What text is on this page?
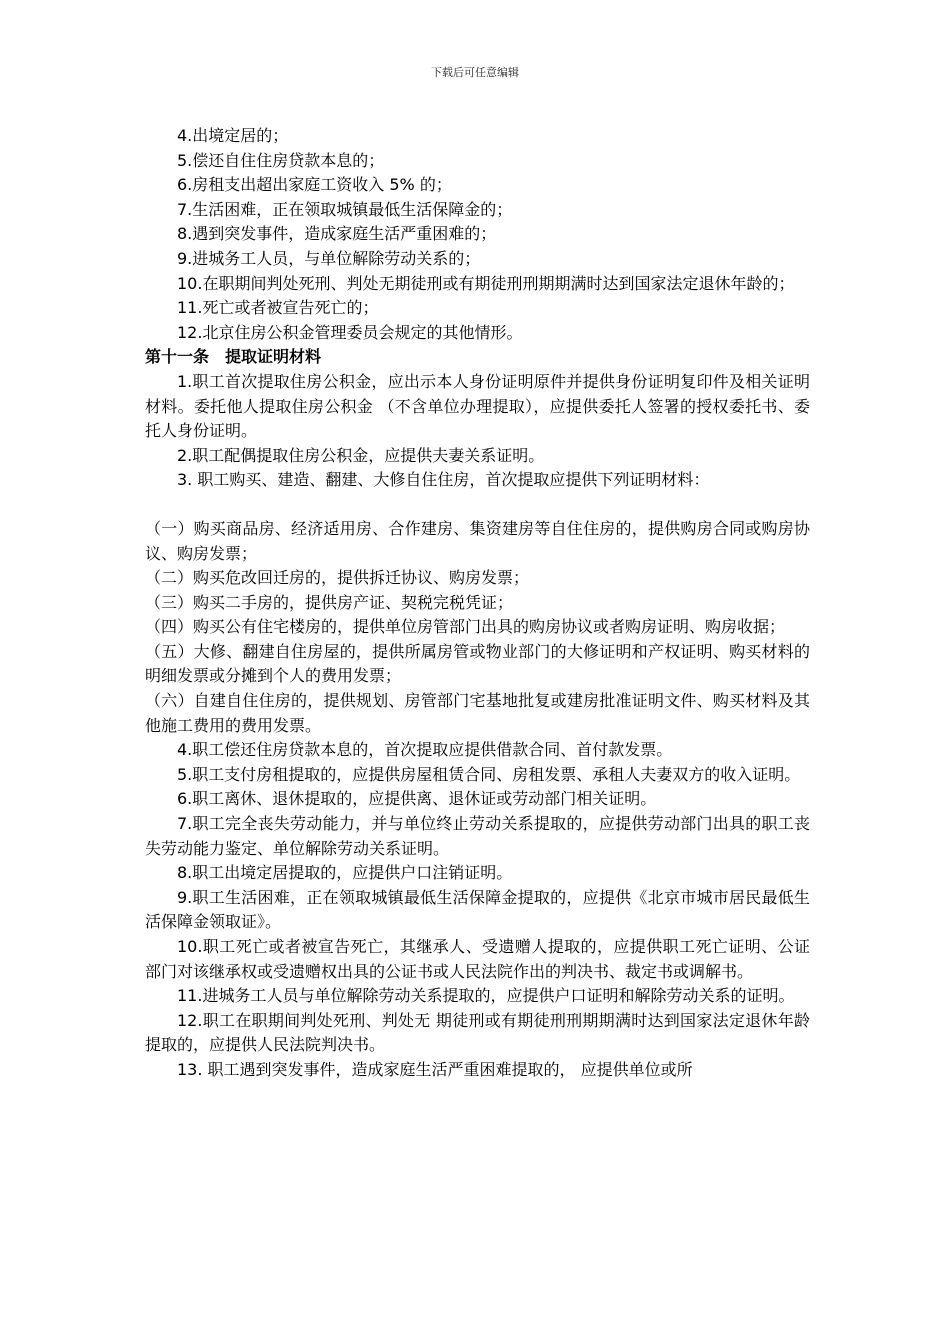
下载后可任意编辑

4.出境定居的；

5.偿还自住住房贷款本息的；

6.房租支出超出家庭工资收入 5% 的；

7.生活困难，正在领取城镇最低生活保障金的；

8.遇到突发事件，造成家庭生活严重困难的；

9.进城务工人员，与单位解除劳动关系的；

10.在职期间判处死刑、判处无期徒刑或有期徒刑刑期期满时达到国家法定退休年龄的；

11.死亡或者被宣告死亡的；

12.北京住房公积金管理委员会规定的其他情形。

第十一条　提取证明材料

1.职工首次提取住房公积金，应出示本人身份证明原件并提供身份证明复印件及相关证明材料。委托他人提取住房公积金 （不含单位办理提取），应提供委托人签署的授权委托书、委托人身份证明。

2.职工配偶提取住房公积金，应提供夫妻关系证明。

3. 职工购买、建造、翻建、大修自住住房，首次提取应提供下列证明材料：

（一）购买商品房、经济适用房、合作建房、集资建房等自住住房的，提供购房合同或购房协议、购房发票；

（二）购买危改回迁房的，提供拆迁协议、购房发票；

（三）购买二手房的，提供房产证、契税完税凭证；

（四）购买公有住宅楼房的，提供单位房管部门出具的购房协议或者购房证明、购房收据；

（五）大修、翻建自住房屋的，提供所属房管或物业部门的大修证明和产权证明、购买材料的明细发票或分摊到个人的费用发票；

（六）自建自住住房的，提供规划、房管部门宅基地批复或建房批准证明文件、购买材料及其他施工费用的费用发票。

4.职工偿还住房贷款本息的，首次提取应提供借款合同、首付款发票。

5.职工支付房租提取的，应提供房屋租赁合同、房租发票、承租人夫妻双方的收入证明。

6.职工离休、退休提取的，应提供离、退休证或劳动部门相关证明。

7.职工完全丧失劳动能力，并与单位终止劳动关系提取的，应提供劳动部门出具的职工丧失劳动能力鉴定、单位解除劳动关系证明。

8.职工出境定居提取的，应提供户口注销证明。

9.职工生活困难，正在领取城镇最低生活保障金提取的，应提供《北京市城市居民最低生活保障金领取证》。

10.职工死亡或者被宣告死亡，其继承人、受遗赠人提取的，应提供职工死亡证明、公证部门对该继承权或受遗赠权出具的公证书或人民法院作出的判决书、裁定书或调解书。

11.进城务工人员与单位解除劳动关系提取的，应提供户口证明和解除劳动关系的证明。

12.职工在职期间判处死刑、判处无 期徒刑或有期徒刑刑期期满时达到国家法定退休年龄 提取的，应提供人民法院判决书。

13. 职工遇到突发事件，造成家庭生活严重困难提取的， 应提供单位或所
